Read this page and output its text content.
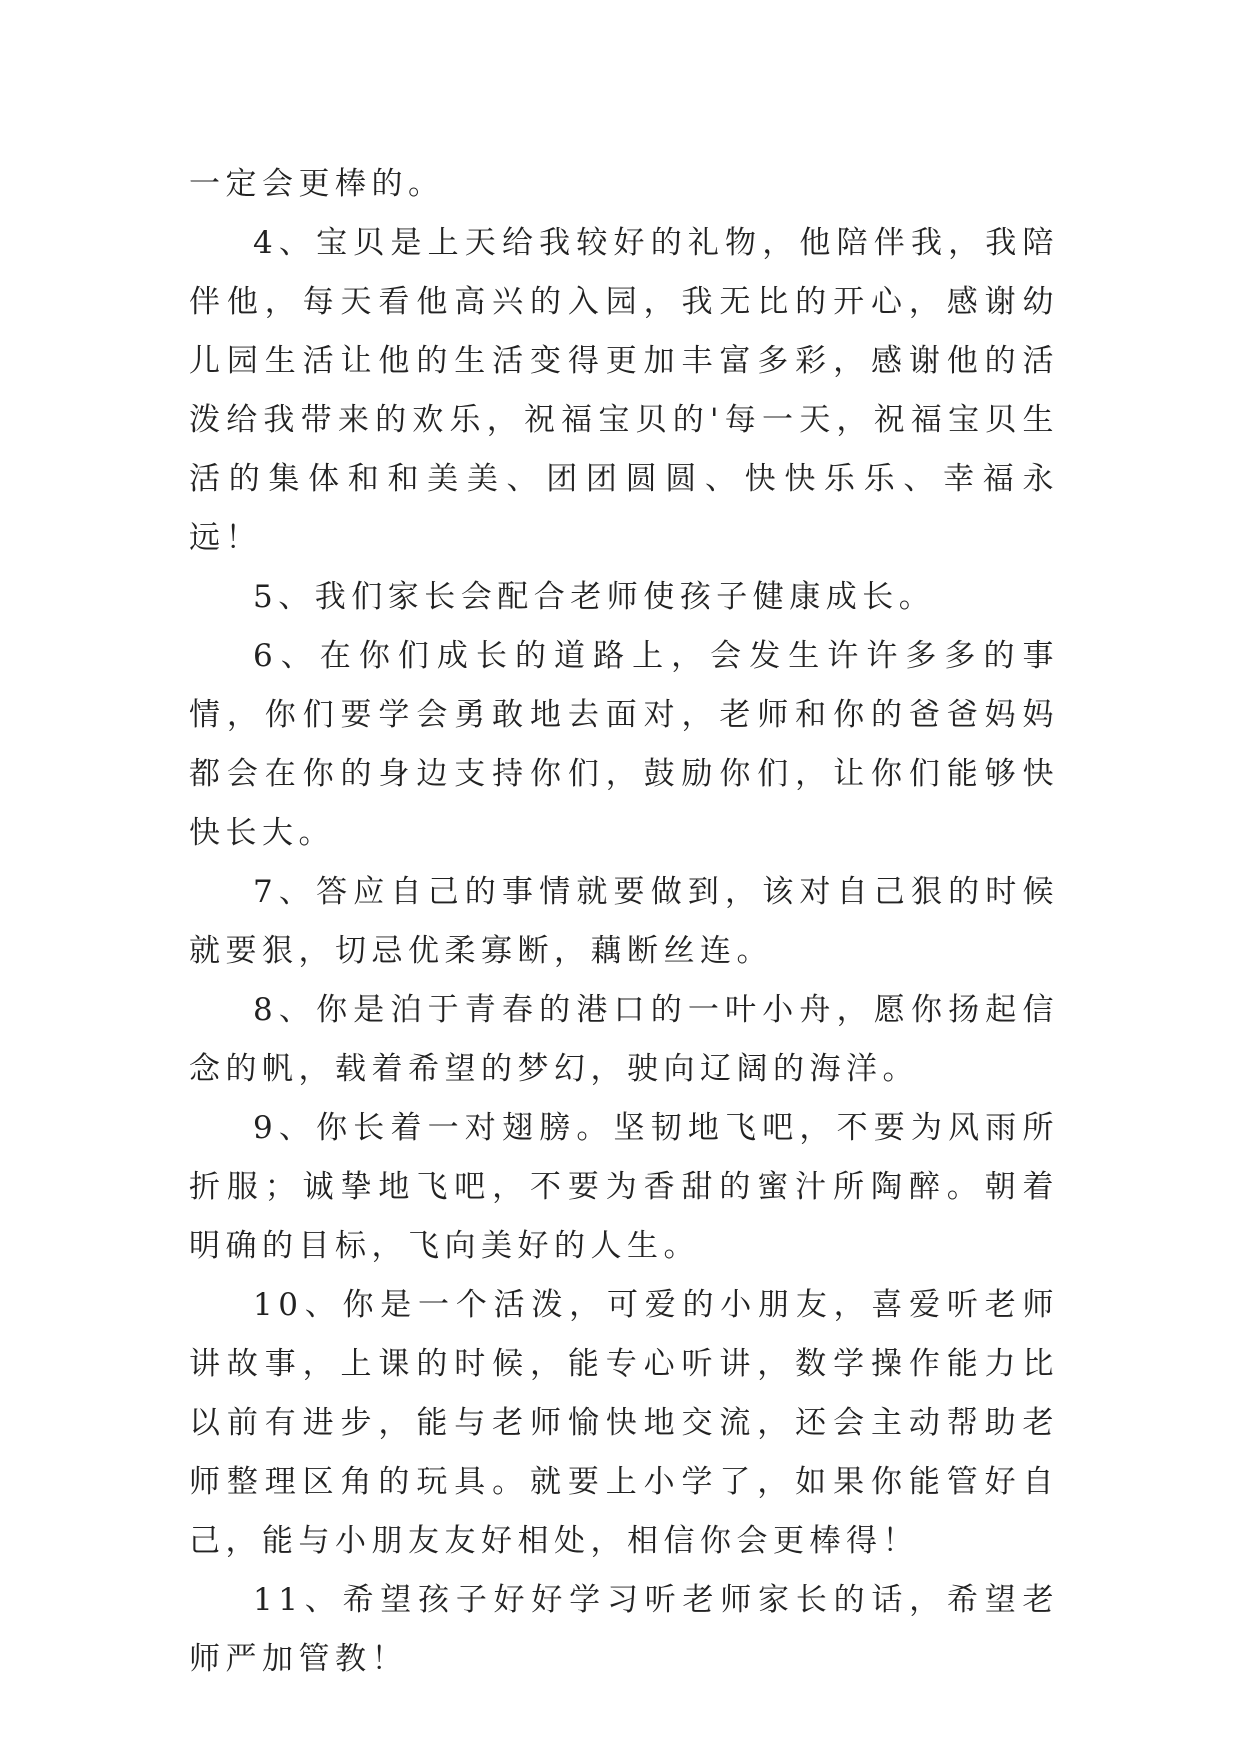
一定会更棒的。

4、宝贝是上天给我较好的礼物，他陪伴我，我陪伴他，每天看他高兴的入园，我无比的开心，感谢幼儿园生活让他的生活变得更加丰富多彩，感谢他的活泼给我带来的欢乐，祝福宝贝的'每一天，祝福宝贝生活的集体和和美美、团团圆圆、快快乐乐、幸福永远！

5、我们家长会配合老师使孩子健康成长。

6、在你们成长的道路上，会发生许许多多的事情，你们要学会勇敢地去面对，老师和你的爸爸妈妈都会在你的身边支持你们，鼓励你们，让你们能够快快长大。

7、答应自己的事情就要做到，该对自己狠的时候就要狠，切忌优柔寡断，藕断丝连。

8、你是泊于青春的港口的一叶小舟，愿你扬起信念的帆，载着希望的梦幻，驶向辽阔的海洋。

9、你长着一对翅膀。坚韧地飞吧，不要为风雨所折服；诚挚地飞吧，不要为香甜的蜜汁所陶醉。朝着明确的目标，飞向美好的人生。

10、你是一个活泼，可爱的小朋友，喜爱听老师讲故事，上课的时候，能专心听讲，数学操作能力比以前有进步，能与老师愉快地交流，还会主动帮助老师整理区角的玩具。就要上小学了，如果你能管好自己，能与小朋友友好相处，相信你会更棒得！

11、希望孩子好好学习听老师家长的话，希望老师严加管教！
